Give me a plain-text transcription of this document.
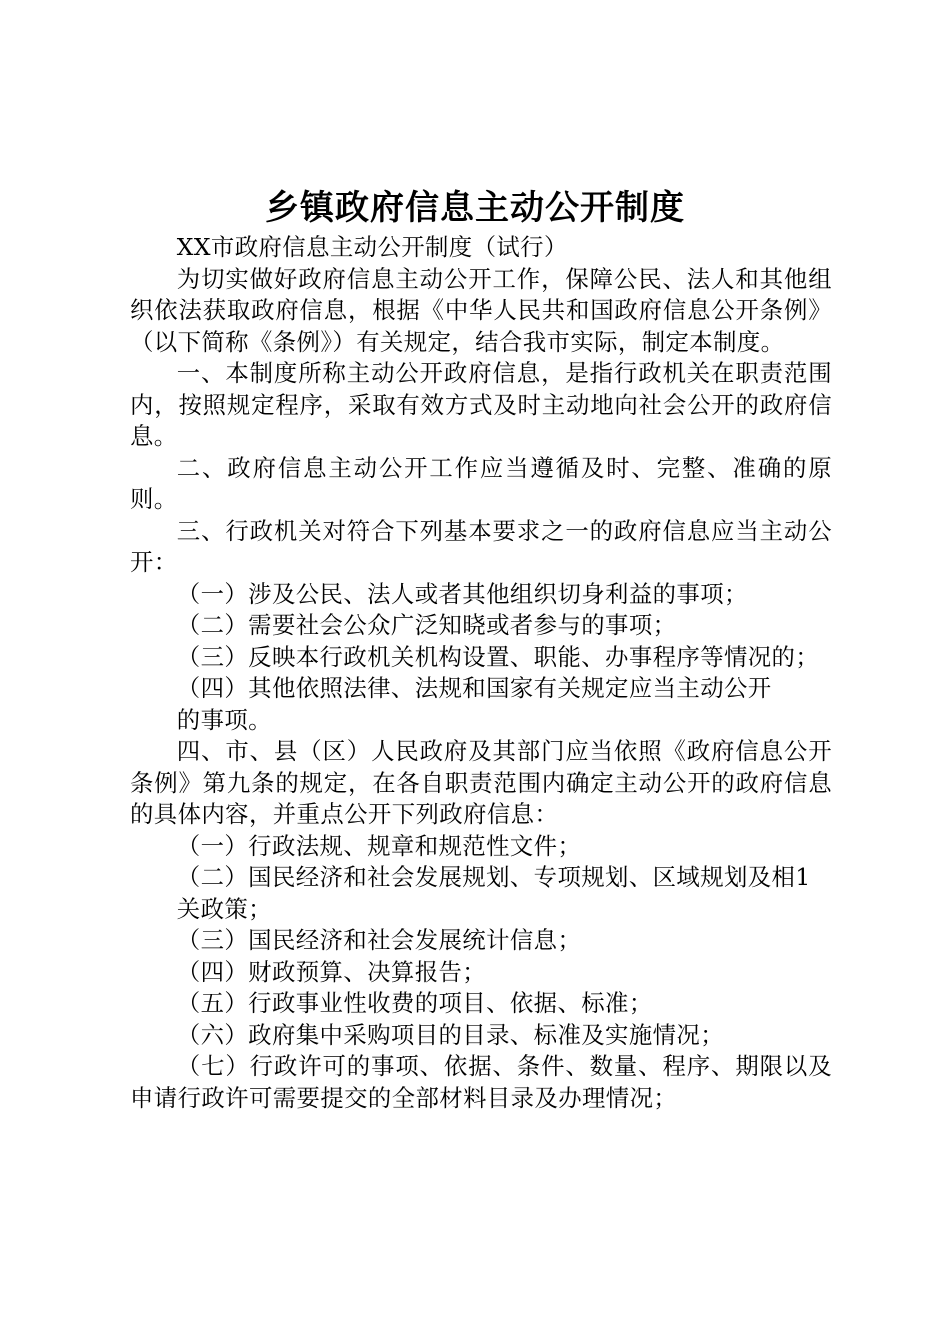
乡镇政府信息主动公开制度

XX市政府信息主动公开制度（试行）

为切实做好政府信息主动公开工作，保障公民、法人和其他组织依法获取政府信息，根据《中华人民共和国政府信息公开条例》（以下简称《条例》）有关规定，结合我市实际，制定本制度。

一、本制度所称主动公开政府信息，是指行政机关在职责范围内，按照规定程序，采取有效方式及时主动地向社会公开的政府信息。

二、政府信息主动公开工作应当遵循及时、完整、准确的原则。

三、行政机关对符合下列基本要求之一的政府信息应当主动公开：

（一）涉及公民、法人或者其他组织切身利益的事项；

（二）需要社会公众广泛知晓或者参与的事项；

（三）反映本行政机关机构设置、职能、办事程序等情况的；

（四）其他依照法律、法规和国家有关规定应当主动公开

的事项。

四、市、县（区）人民政府及其部门应当依照《政府信息公开条例》第九条的规定，在各自职责范围内确定主动公开的政府信息的具体内容，并重点公开下列政府信息：

（一）行政法规、规章和规范性文件；

（二）国民经济和社会发展规划、专项规划、区域规划及相1

关政策；

（三）国民经济和社会发展统计信息；

（四）财政预算、决算报告；

（五）行政事业性收费的项目、依据、标准；

（六）政府集中采购项目的目录、标准及实施情况；

（七）行政许可的事项、依据、条件、数量、程序、期限以及申请行政许可需要提交的全部材料目录及办理情况；
